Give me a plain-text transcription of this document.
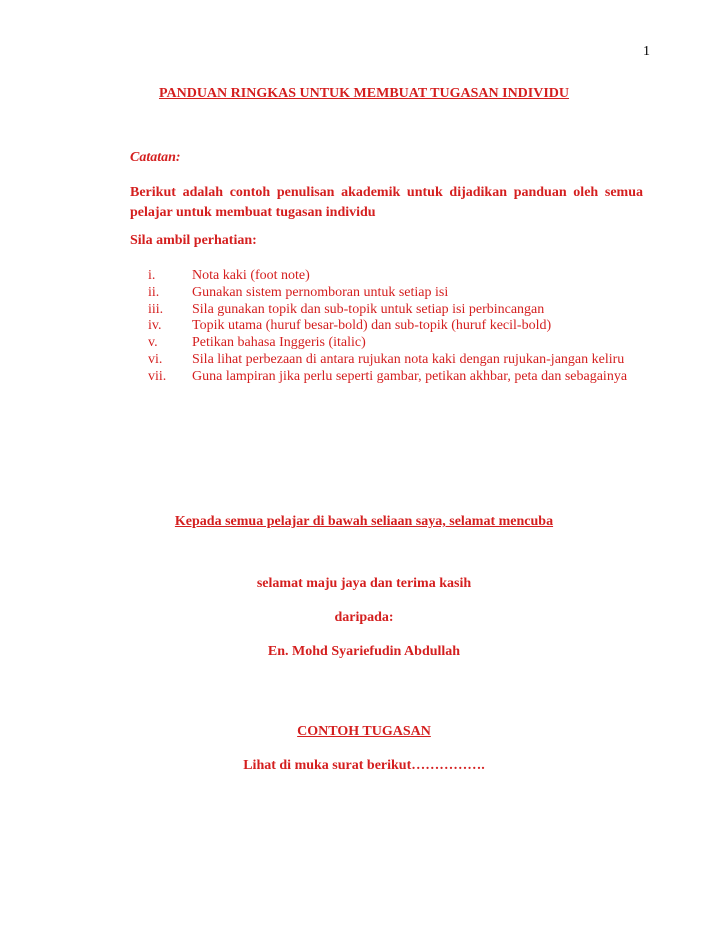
1
PANDUAN RINGKAS UNTUK MEMBUAT TUGASAN INDIVIDU
Catatan:
Berikut adalah contoh penulisan akademik untuk dijadikan panduan oleh semua pelajar untuk membuat tugasan individu
Sila ambil perhatian:
i.	Nota kaki (foot note)
ii. Gunakan sistem pernomboran untuk setiap isi
iii. Sila gunakan topik dan sub-topik untuk setiap isi perbincangan
iv. Topik utama (huruf besar-bold) dan sub-topik (huruf kecil-bold)
v. Petikan bahasa Inggeris (italic)
vi. Sila lihat perbezaan di antara rujukan nota kaki dengan rujukan-jangan keliru
vii. Guna lampiran jika perlu seperti gambar, petikan akhbar, peta dan sebagainya
Kepada semua pelajar di bawah seliaan saya, selamat mencuba
selamat maju jaya dan terima kasih
daripada:
En. Mohd Syariefudin Abdullah
CONTOH TUGASAN
Lihat di muka surat berikut…………….
